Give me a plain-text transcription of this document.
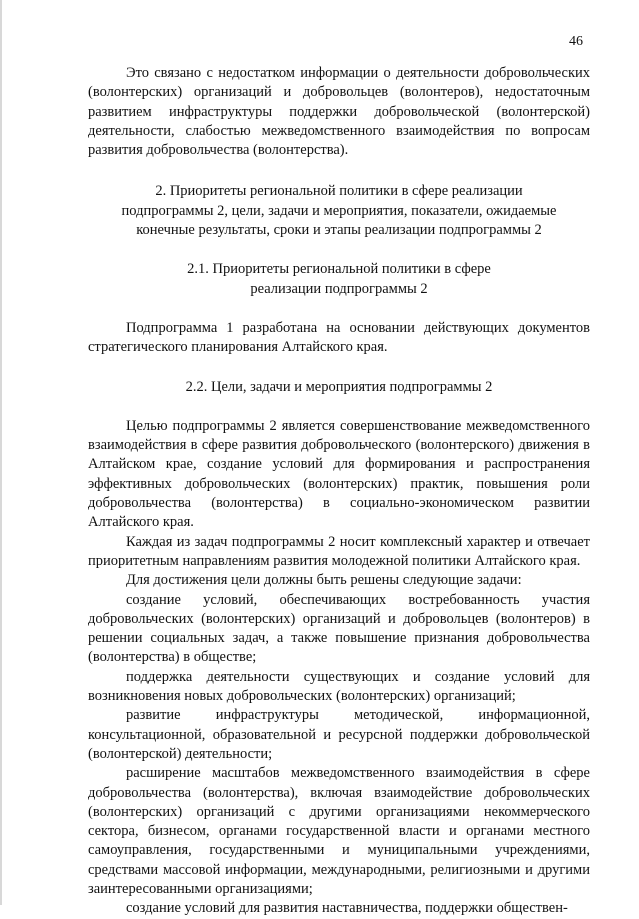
46

Это связано с недостатком информации о деятельности добровольческих (волонтерских) организаций и добровольцев (волонтеров), недостаточным развитием инфраструктуры поддержки добровольческой (волонтерской) деятельности, слабостью межведомственного взаимодействия по вопросам развития добровольчества (волонтерства).

2. Приоритеты региональной политики в сфере реализации подпрограммы 2, цели, задачи и мероприятия, показатели, ожидаемые конечные результаты, сроки и этапы реализации подпрограммы 2

2.1. Приоритеты региональной политики в сфере реализации подпрограммы 2

Подпрограмма 1 разработана на основании действующих документов стратегического планирования Алтайского края.

2.2. Цели, задачи и мероприятия подпрограммы 2

Целью подпрограммы 2 является совершенствование межведомственного взаимодействия в сфере развития добровольческого (волонтерского) движения в Алтайском крае, создание условий для формирования и распространения эффективных добровольческих (волонтерских) практик, повышения роли добровольчества (волонтерства) в социально-экономическом развитии Алтайского края.

Каждая из задач подпрограммы 2 носит комплексный характер и отвечает приоритетным направлениям развития молодежной политики Алтайского края.

Для достижения цели должны быть решены следующие задачи:

создание условий, обеспечивающих востребованность участия добровольческих (волонтерских) организаций и добровольцев (волонтеров) в решении социальных задач, а также повышение признания добровольчества (волонтерства) в обществе;

поддержка деятельности существующих и создание условий для возникновения новых добровольческих (волонтерских) организаций;

развитие инфраструктуры методической, информационной, консультационной, образовательной и ресурсной поддержки добровольческой (волонтерской) деятельности;

расширение масштабов межведомственного взаимодействия в сфере добровольчества (волонтерства), включая взаимодействие добровольческих (волонтерских) организаций с другими организациями некоммерческого сектора, бизнесом, органами государственной власти и органами местного самоуправления, государственными и муниципальными учреждениями, средствами массовой информации, международными, религиозными и другими заинтересованными организациями;

создание условий для развития наставничества, поддержки обществен-
